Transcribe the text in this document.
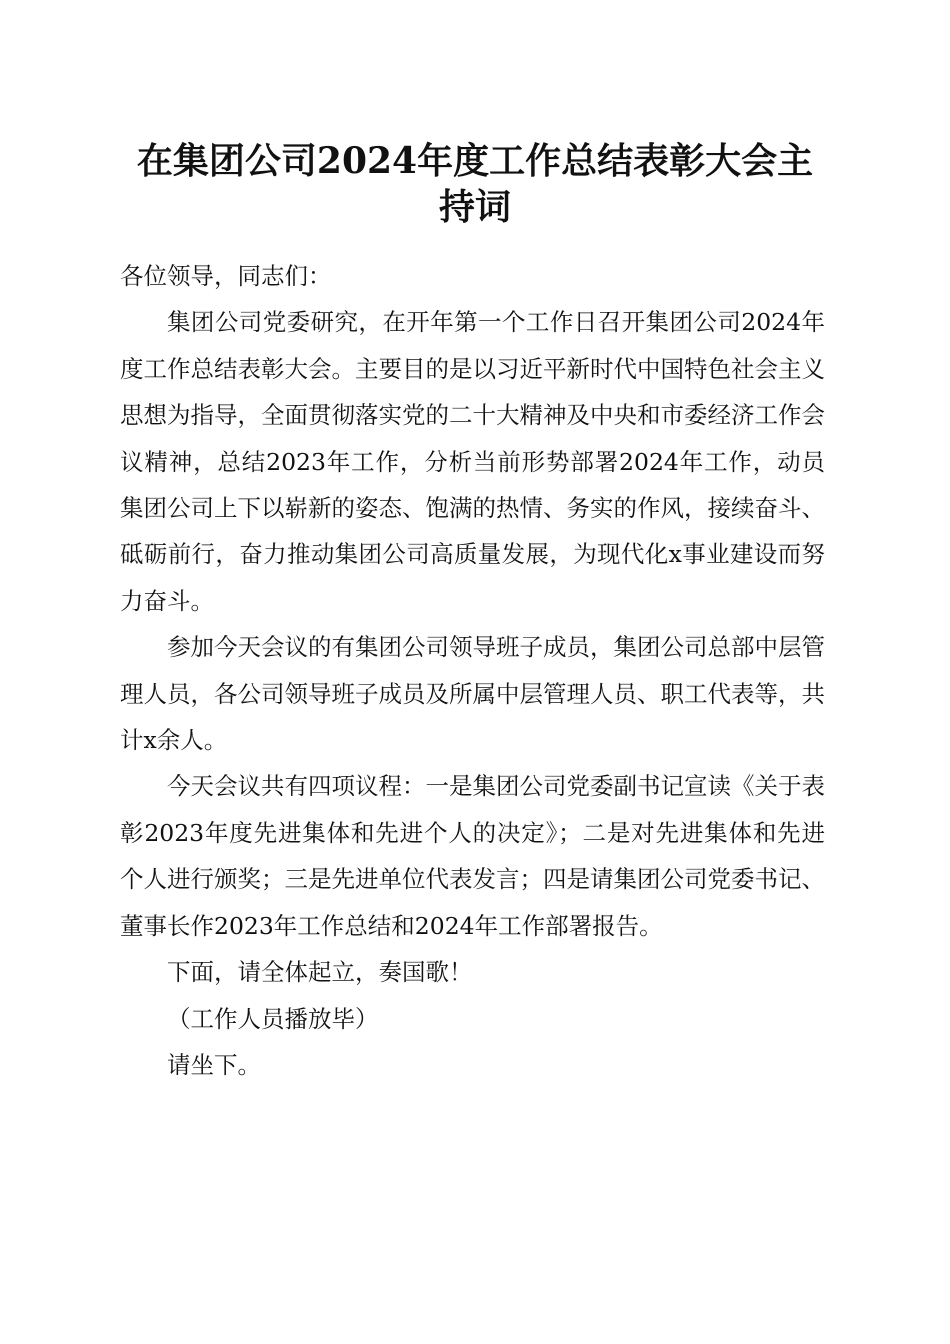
在集团公司2024年度工作总结表彰大会主持词

各位领导，同志们：

集团公司党委研究，在开年第一个工作日召开集团公司2024年度工作总结表彰大会。主要目的是以习近平新时代中国特色社会主义思想为指导，全面贯彻落实党的二十大精神及中央和市委经济工作会议精神，总结2023年工作，分析当前形势部署2024年工作，动员集团公司上下以崭新的姿态、饱满的热情、务实的作风，接续奋斗、砥砺前行，奋力推动集团公司高质量发展，为现代化x事业建设而努力奋斗。

参加今天会议的有集团公司领导班子成员，集团公司总部中层管理人员，各公司领导班子成员及所属中层管理人员、职工代表等，共计x余人。

今天会议共有四项议程：一是集团公司党委副书记宣读《关于表彰2023年度先进集体和先进个人的决定》；二是对先进集体和先进个人进行颁奖；三是先进单位代表发言；四是请集团公司党委书记、董事长作2023年工作总结和2024年工作部署报告。

下面，请全体起立，奏国歌！

（工作人员播放毕）

请坐下。
